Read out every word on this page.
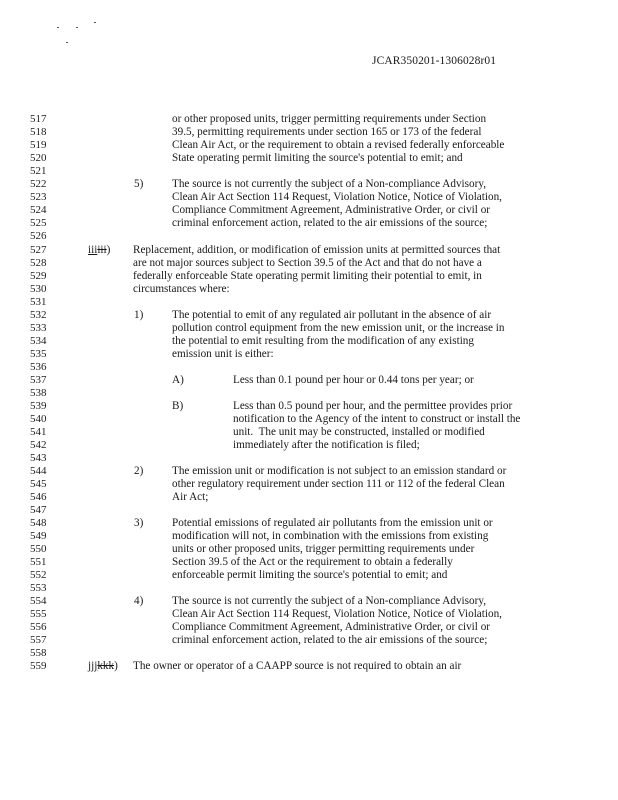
JCAR350201-1306028r01
517	or other proposed units, trigger permitting requirements under Section
518	39.5, permitting requirements under section 165 or 173 of the federal
519	Clean Air Act, or the requirement to obtain a revised federally enforceable
520	State operating permit limiting the source's potential to emit; and
521
522	5)	The source is not currently the subject of a Non-compliance Advisory,
523	Clean Air Act Section 114 Request, Violation Notice, Notice of Violation,
524	Compliance Commitment Agreement, Administrative Order, or civil or
525	criminal enforcement action, related to the air emissions of the source;
526
527	iiiiii) Replacement, addition, or modification of emission units at permitted sources that
528	are not major sources subject to Section 39.5 of the Act and that do not have a
529	federally enforceable State operating permit limiting their potential to emit, in
530	circumstances where:
531
532	1)	The potential to emit of any regulated air pollutant in the absence of air
533	pollution control equipment from the new emission unit, or the increase in
534	the potential to emit resulting from the modification of any existing
535	emission unit is either:
536
537	A)	Less than 0.1 pound per hour or 0.44 tons per year; or
538
539	B)	Less than 0.5 pound per hour, and the permittee provides prior
540	notification to the Agency of the intent to construct or install the
541	unit.  The unit may be constructed, installed or modified
542	immediately after the notification is filed;
543
544	2)	The emission unit or modification is not subject to an emission standard or
545	other regulatory requirement under section 111 or 112 of the federal Clean
546	Air Act;
547
548	3)	Potential emissions of regulated air pollutants from the emission unit or
549	modification will not, in combination with the emissions from existing
550	units or other proposed units, trigger permitting requirements under
551	Section 39.5 of the Act or the requirement to obtain a federally
552	enforceable permit limiting the source's potential to emit; and
553
554	4)	The source is not currently the subject of a Non-compliance Advisory,
555	Clean Air Act Section 114 Request, Violation Notice, Notice of Violation,
556	Compliance Commitment Agreement, Administrative Order, or civil or
557	criminal enforcement action, related to the air emissions of the source;
558
559	jjjkkk) The owner or operator of a CAAPP source is not required to obtain an air
